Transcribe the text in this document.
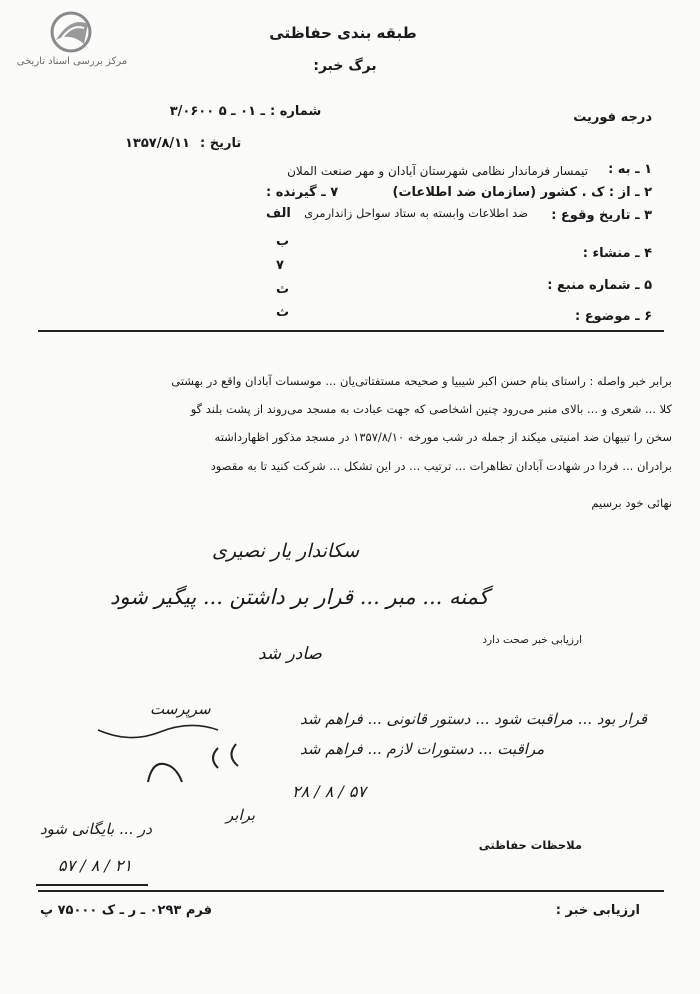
مرکز بررسی اسناد تاریخی
طبقه بندی حفاظتی
برگ خبر:
درجه فوریت
شماره :
۳/۰۶۰۰ ـ ۰۱ ـ ۵
تاریخ :
۱۳۵۷/۸/۱۱
۱ ـ به :
تیمسار فرماندار نظامی شهرستان آبادان و مهر صنعت الملان
۲ ـ از : ک . کشور (سازمان ضد اطلاعات)
۷ ـ گیرنده :
۳ ـ تاریخ وقوع :
ضد اطلاعات وابسته به ستاد سواحل زاندارمری
الف
۴ ـ منشاء :
ب
۷
۵ ـ شماره منبع :
ث
۶ ـ موضوع :
ث
برابر خبر واصله : راستای بنام حسن اکبر شیبیا و صحیحه مستفتاتی‌یان ... موسسات آبادان واقع در بهشتی
کلا ... شعری و ... بالای منبر می‌رود چنین اشخاصی که جهت عبادت به مسجد می‌روند از پشت بلند گو
سخن را تبیهان ضد امنیتی میکند از جمله در شب مورخه ۱۳۵۷/۸/۱۰ در مسجد مذکور اظهارداشته
برادران ... فردا در شهادت آبادان تظاهرات ... ترتیب ... در این تشکل ... شرکت کنید تا به مقصود
نهائی خود برسیم
سکاندار یار نصیری
گمنه ... مبر ... قرار بر داشتن ... پیگیر شود
صادر شد
ارزیابی خبر صحت دارد
سرپرست
قرار بود ... مراقبت شود ... دستور قانونی ... فراهم شد
مراقبت ... دستورات لازم ... فراهم شد
۲۸ / ۸ / ۵۷
برابر
در ... بایگانی شود
۵۷ / ۸ / ۲۱
ملاحظات حفاظتی
فرم ۰۲۹۳ ـ ر ـ ک ۷۵۰۰۰ پ	ارزیابی خبر :
